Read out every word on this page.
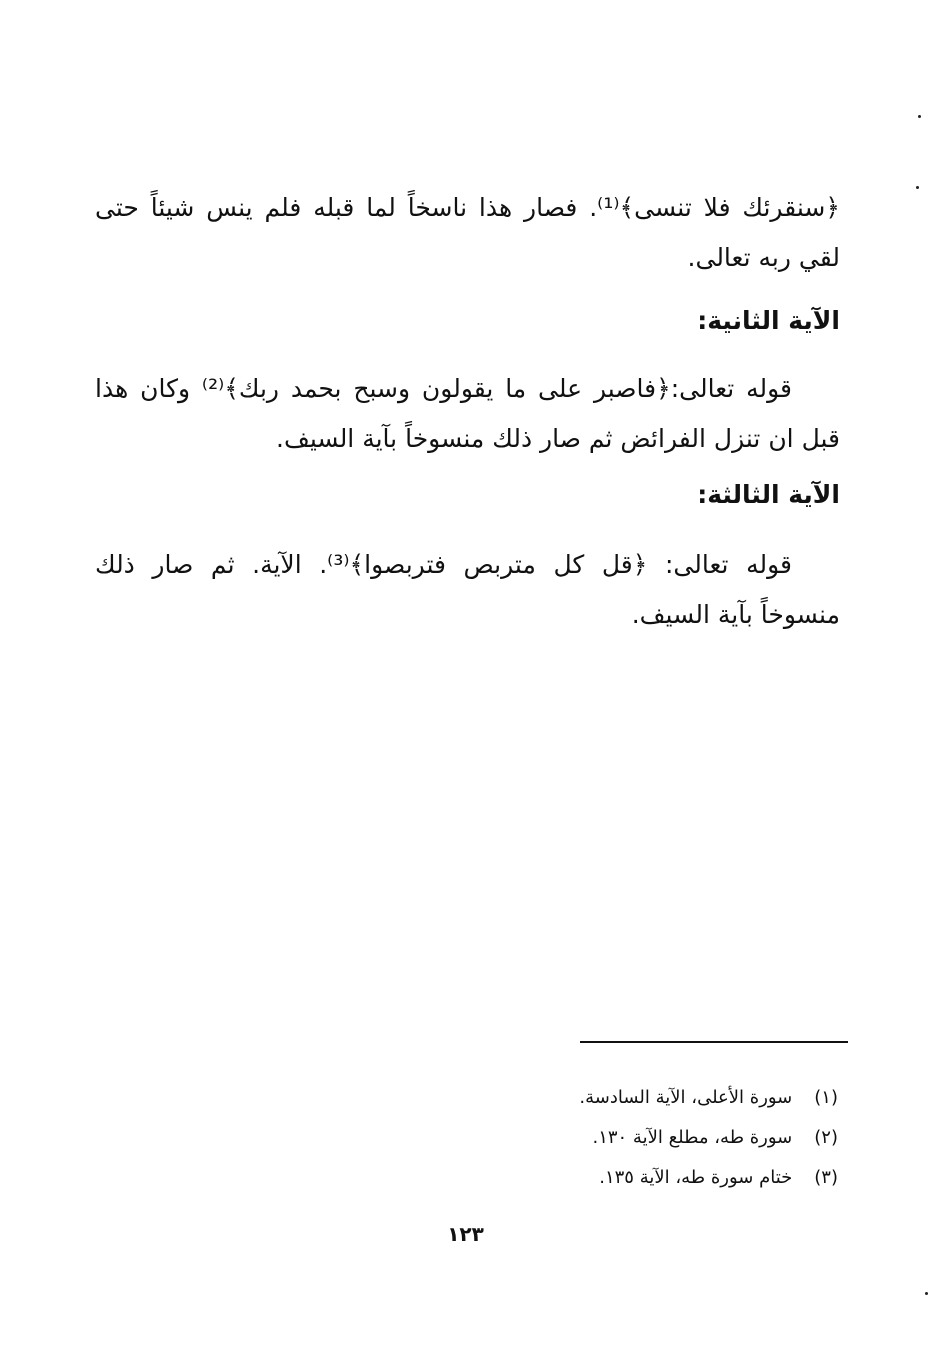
﴿سنقرئك فلا تنسى﴾⁽¹⁾. فصار هذا ناسخاً لما قبله فلم ينس شيئاً حتى
لقي ربه تعالى.
الآية الثانية:
قوله تعالى:﴿فاصبر على ما يقولون وسبح بحمد ربك﴾⁽²⁾ وكان هذا
قبل ان تنزل الفرائض ثم صار ذلك منسوخاً بآية السيف.
الآية الثالثة:
قوله تعالى: ﴿قل كل متربص فتربصوا﴾⁽³⁾. الآية. ثم صار ذلك
منسوخاً بآية السيف.
(١) سورة الأعلى، الآية السادسة.
(٢) سورة طه، مطلع الآية ١٣٠.
(٣) ختام سورة طه، الآية ١٣٥.
١٢٣
